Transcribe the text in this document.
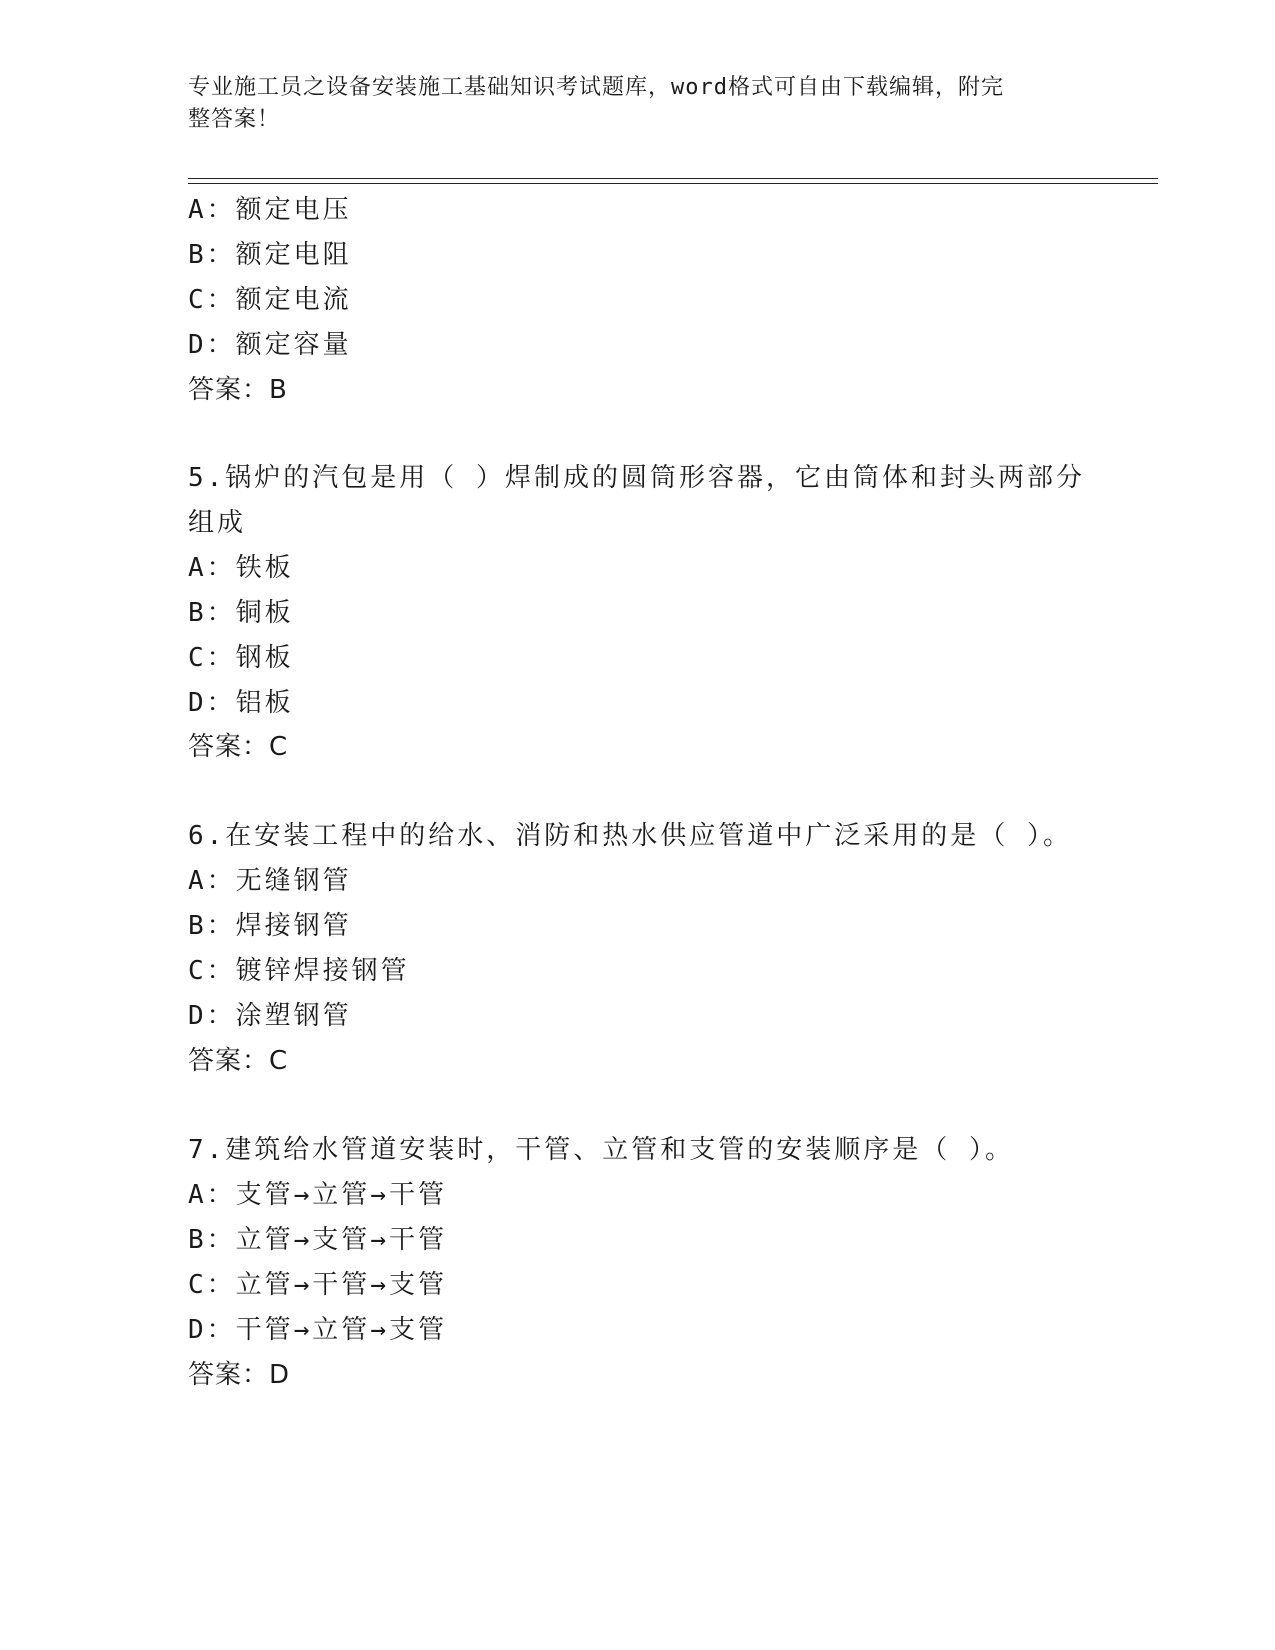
专业施工员之设备安装施工基础知识考试题库，word格式可自由下载编辑，附完
整答案！
A：额定电压
B：额定电阻
C：额定电流
D：额定容量
答案：B
5.锅炉的汽包是用（ ）焊制成的圆筒形容器，它由筒体和封头两部分
组成
A：铁板
B：铜板
C：钢板
D：铝板
答案：C
6.在安装工程中的给水、消防和热水供应管道中广泛采用的是（ ）。
A：无缝钢管
B：焊接钢管
C：镀锌焊接钢管
D：涂塑钢管
答案：C
7.建筑给水管道安装时，干管、立管和支管的安装顺序是（ ）。
A：支管→立管→干管
B：立管→支管→干管
C：立管→干管→支管
D：干管→立管→支管
答案：D
